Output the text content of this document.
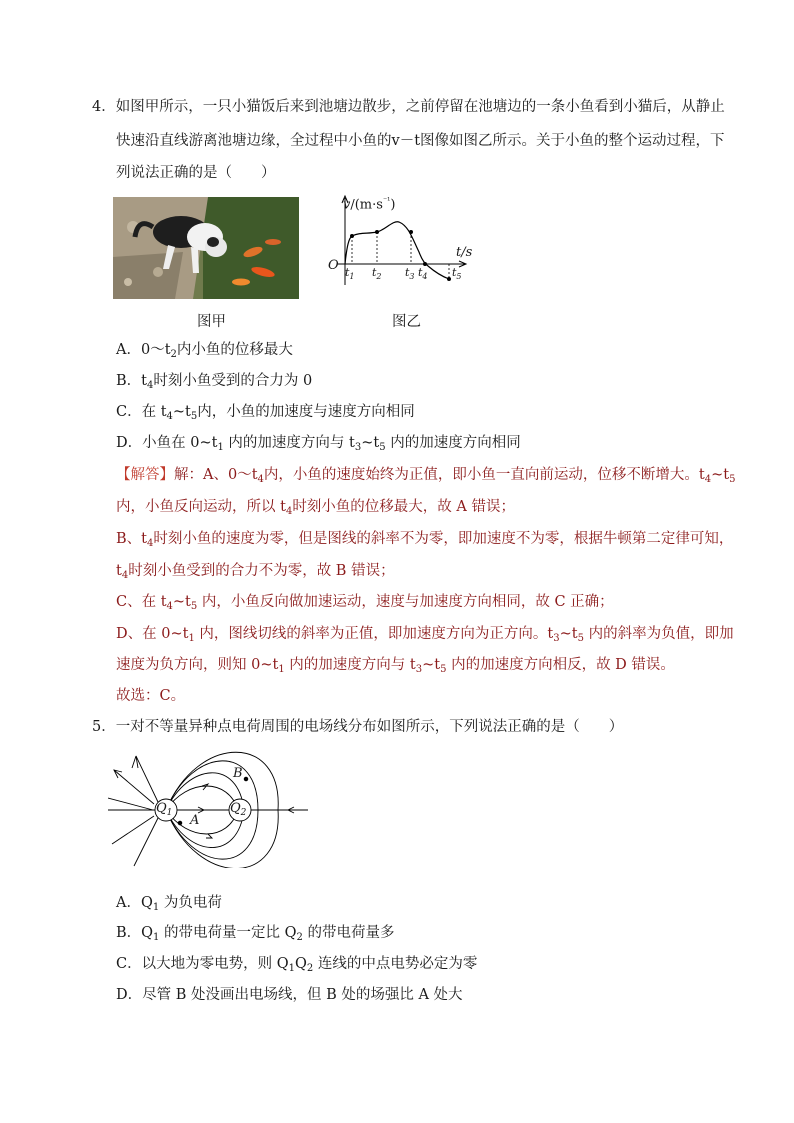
4．如图甲所示，一只小猫饭后来到池塘边散步，之前停留在池塘边的一条小鱼看到小猫后，从静止
快速沿直线游离池塘边缘，全过程中小鱼的v－t图像如图乙所示。关于小鱼的整个运动过程，下
列说法正确的是（　　）
$v/(m\cdot s^{^{-1}})$
t/s
O $t_1$ $t_2$ $t_3$ $t_4$ $t_5$
图甲	图乙
A．$0\sim t_2$内小鱼的位移最大
B．$t_4$时刻小鱼受到的合力为 0
C．在 $t_4\sim t_5$内，小鱼的加速度与速度方向相同
D．小鱼在 $0\sim t_1$ 内的加速度方向与 $t_3\sim t_5$ 内的加速度方向相同
【解答】解：A、$0\sim t_4$内，小鱼的速度始终为正值，即小鱼一直向前运动，位移不断增大。$t_4\sim t_5$
内，小鱼反向运动，所以 $t_4$时刻小鱼的位移最大，故 A 错误；
B、$t_4$时刻小鱼的速度为零，但是图线的斜率不为零，即加速度不为零，根据牛顿第二定律可知，
$t_4$时刻小鱼受到的合力不为零，故 B 错误；
C、在 $t_4\sim t_5$ 内，小鱼反向做加速运动，速度与加速度方向相同，故 C 正确；
D、在 $0\sim t_1$ 内，图线切线的斜率为正值，即加速度方向为正方向。$t_3\sim t_5$ 内的斜率为负值，即加
速度为负方向，则知 $0\sim t_1$ 内的加速度方向与 $t_3\sim t_5$ 内的加速度方向相反，故 D 错误。
故选：C。
5．一对不等量异种点电荷周围的电场线分布如图所示，下列说法正确的是（　　）
$Q_1$	$Q_2$
A
B
A．$Q_1$ 为负电荷
B．$Q_1$ 的带电荷量一定比 $Q_2$ 的带电荷量多
C．以大地为零电势，则 $Q_1Q_2$ 连线的中点电势必定为零
D．尽管 B 处没画出电场线，但 B 处的场强比 A 处大
